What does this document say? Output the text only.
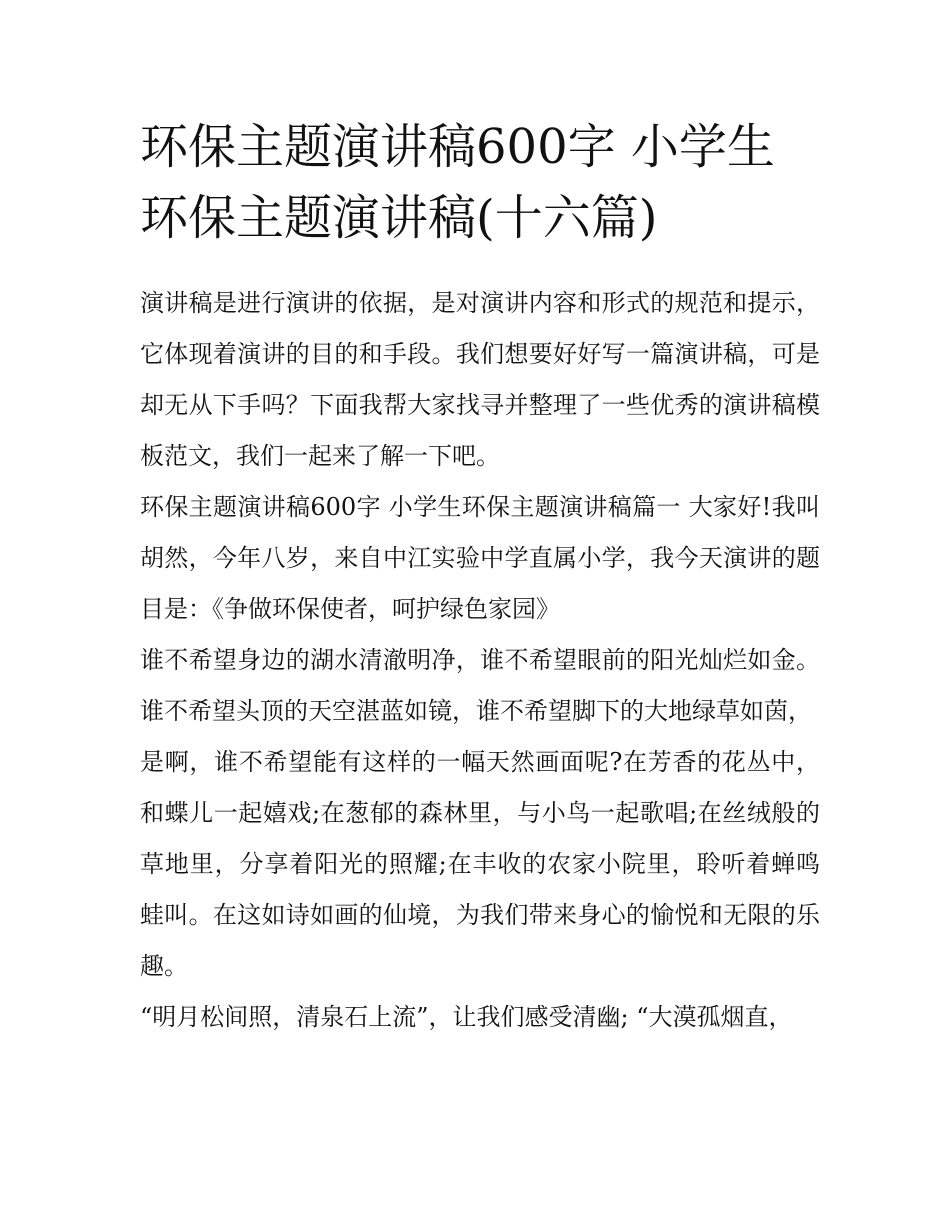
环保主题演讲稿600字 小学生环保主题演讲稿(十六篇)

演讲稿是进行演讲的依据，是对演讲内容和形式的规范和提示，它体现着演讲的目的和手段。我们想要好好写一篇演讲稿，可是却无从下手吗？下面我帮大家找寻并整理了一些优秀的演讲稿模板范文，我们一起来了解一下吧。

环保主题演讲稿600字 小学生环保主题演讲稿篇一 大家好!我叫胡然，今年八岁，来自中江实验中学直属小学，我今天演讲的题目是：《争做环保使者，呵护绿色家园》

谁不希望身边的湖水清澈明净，谁不希望眼前的阳光灿烂如金。 谁不希望头顶的天空湛蓝如镜，谁不希望脚下的大地绿草如茵，

是啊，谁不希望能有这样的一幅天然画面呢?在芳香的花丛中，和蝶儿一起嬉戏;在葱郁的森林里，与小鸟一起歌唱;在丝绒般的草地里，分享着阳光的照耀;在丰收的农家小院里，聆听着蝉鸣蛙叫。在这如诗如画的仙境，为我们带来身心的愉悦和无限的乐趣。

“明月松间照，清泉石上流”，让我们感受清幽; “大漠孤烟直，
